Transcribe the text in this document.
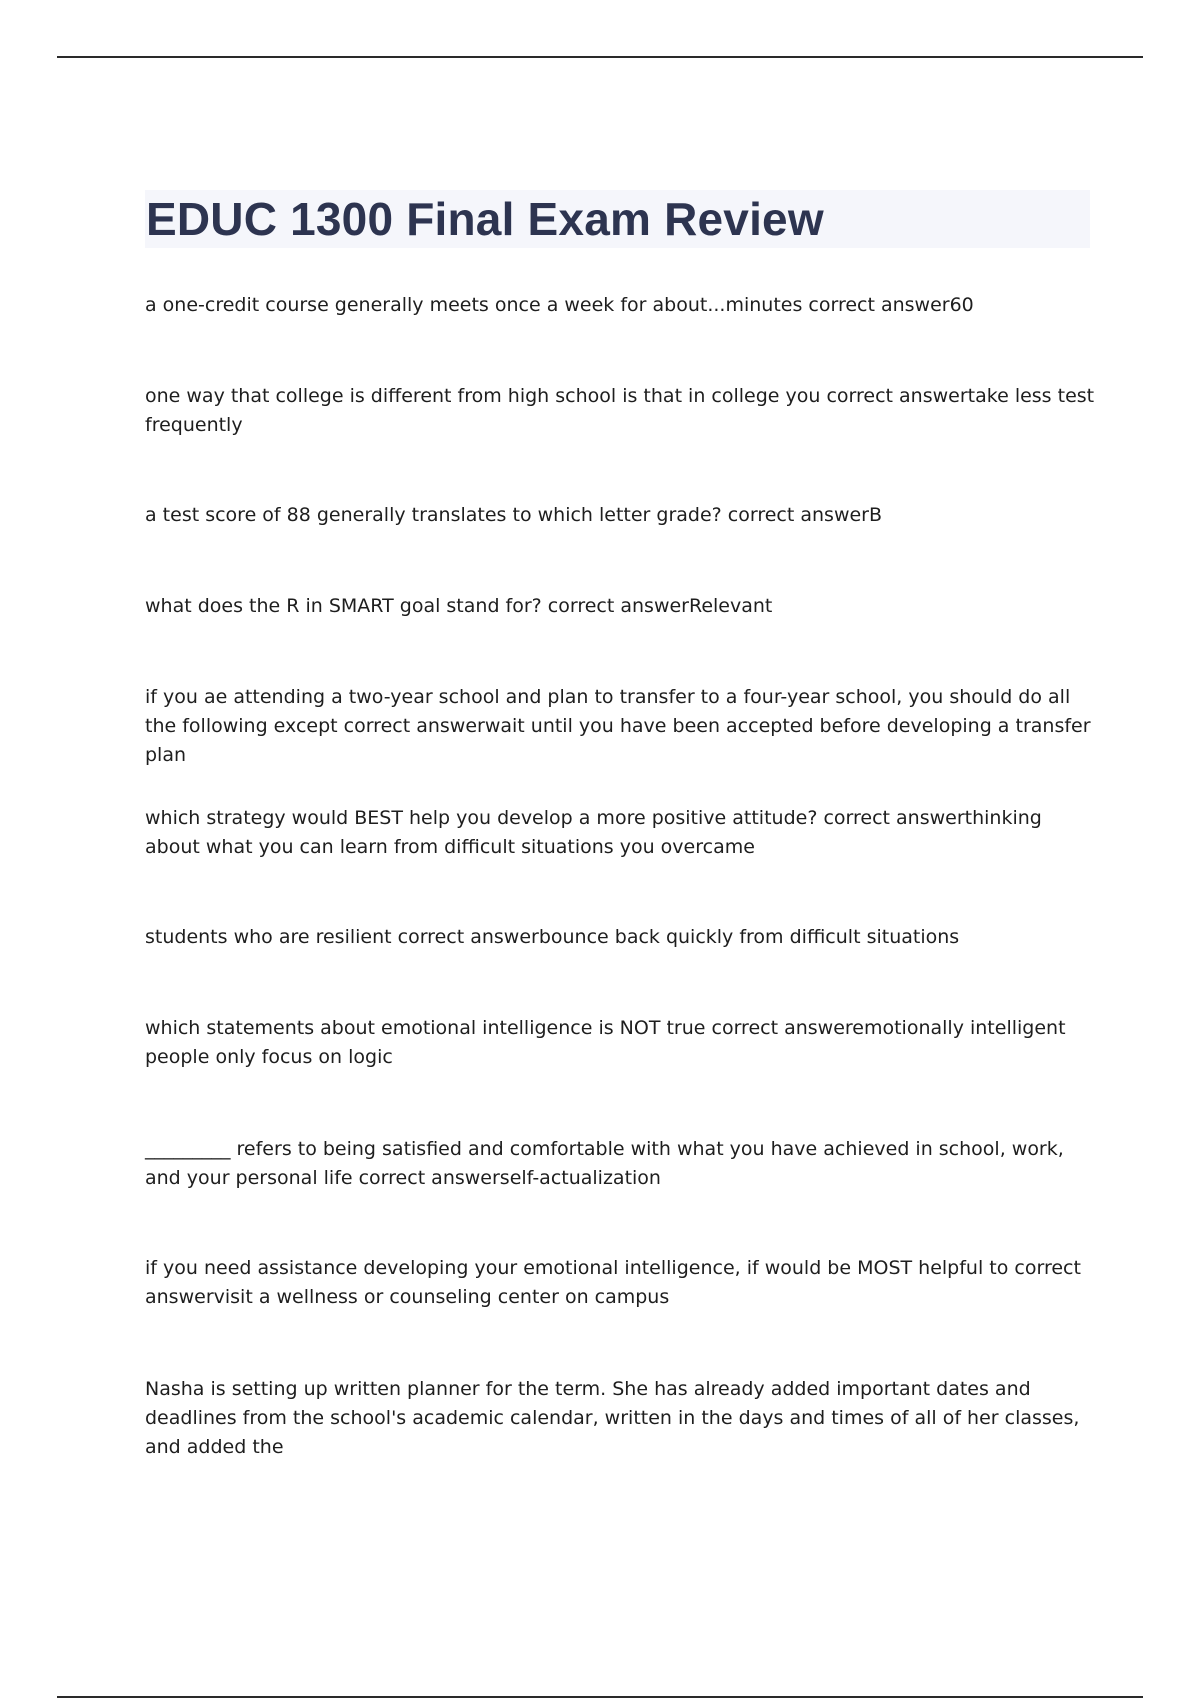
EDUC 1300 Final Exam Review

a one-credit course generally meets once a week for about...minutes correct answer60

one way that college is different from high school is that in college you correct answertake less test frequently

a test score of 88 generally translates to which letter grade? correct answerB

what does the R in SMART goal stand for? correct answerRelevant

if you ae attending a two-year school and plan to transfer to a four-year school, you should do all the following except correct answerwait until you have been accepted before developing a transfer plan

which strategy would BEST help you develop a more positive attitude? correct answerthinking about what you can learn from difficult situations you overcame

students who are resilient correct answerbounce back quickly from difficult situations

which statements about emotional intelligence is NOT true correct answeremotionally intelligent people only focus on logic

_________ refers to being satisfied and comfortable with what you have achieved in school, work, and your personal life correct answerself-actualization

if you need assistance developing your emotional intelligence, if would be MOST helpful to correct answervisit a wellness or counseling center on campus

Nasha is setting up written planner for the term. She has already added important dates and deadlines from the school's academic calendar, written in the days and times of all of her classes, and added the
